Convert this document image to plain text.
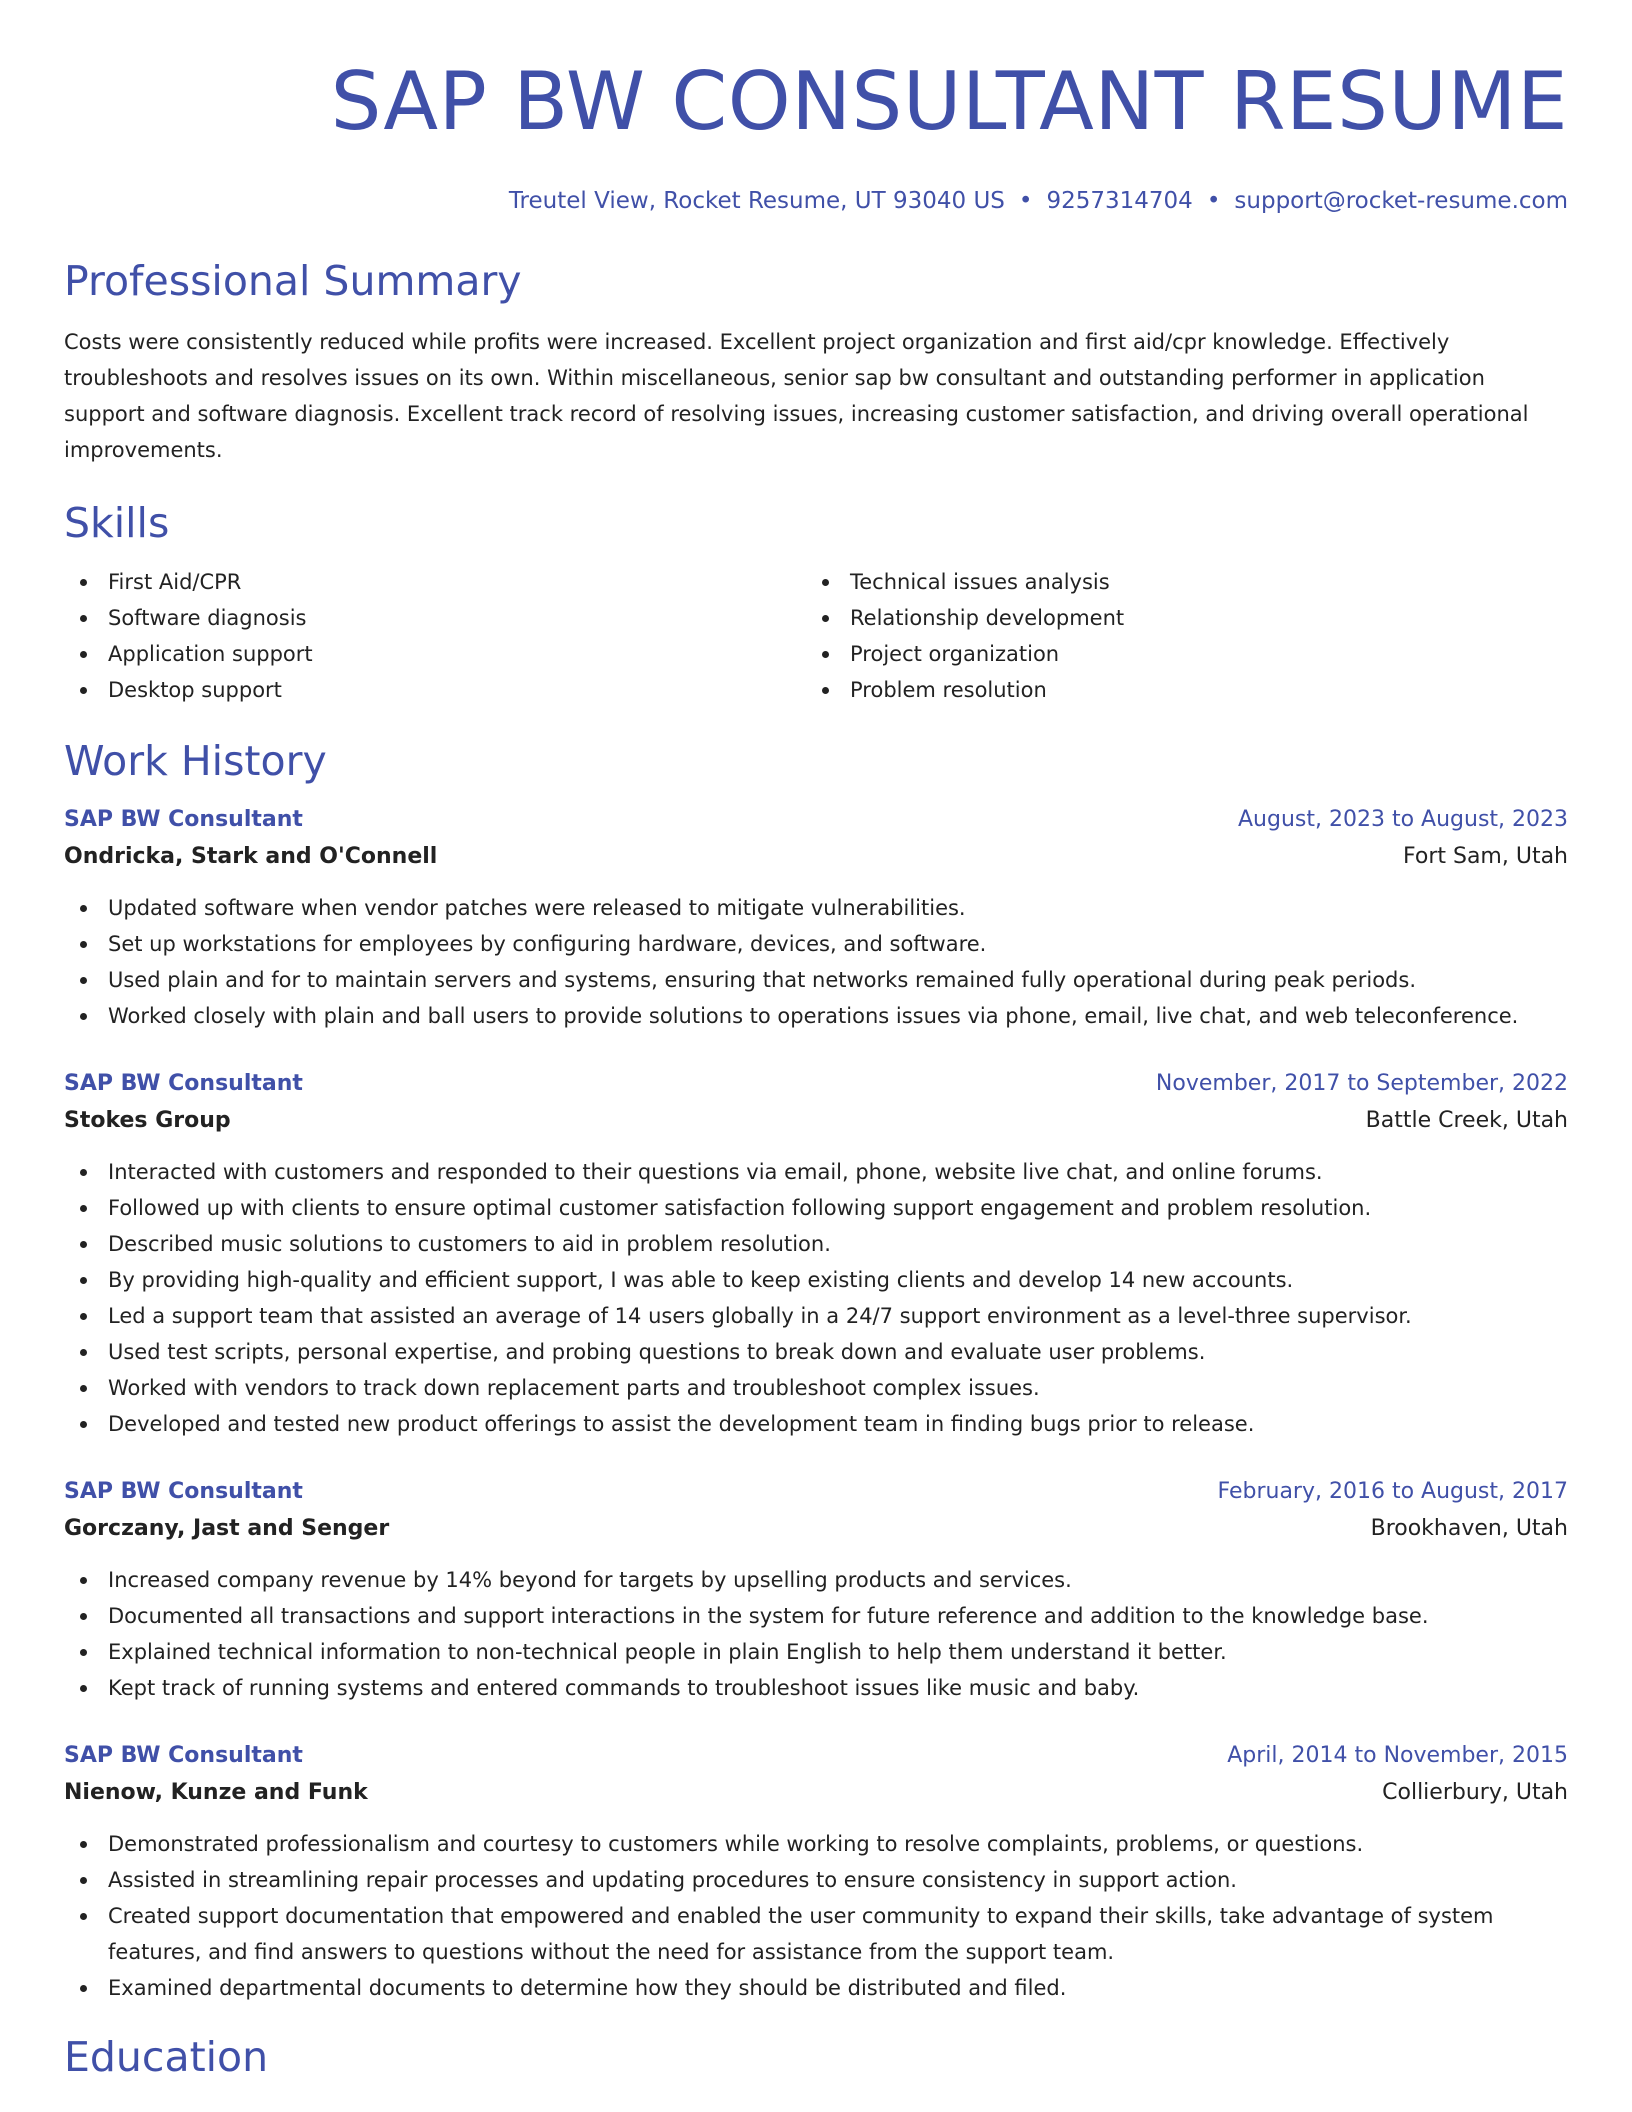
SAP BW CONSULTANT RESUME
Treutel View, Rocket Resume, UT 93040 US • 9257314704 • support@rocket-resume.com
Professional Summary

Costs were consistently reduced while profits were increased. Excellent project organization and first aid/cpr knowledge. Effectively troubleshoots and resolves issues on its own. Within miscellaneous, senior sap bw consultant and outstanding performer in application support and software diagnosis. Excellent track record of resolving issues, increasing customer satisfaction, and driving overall operational improvements.

Skills
First Aid/CPR
Software diagnosis
Application support
Desktop support
Technical issues analysis
Relationship development
Project organization
Problem resolution
Work History
SAP BW Consultant	August, 2023 to August, 2023
Ondricka, Stark and O'Connell	Fort Sam, Utah
Updated software when vendor patches were released to mitigate vulnerabilities.
Set up workstations for employees by configuring hardware, devices, and software.
Used plain and for to maintain servers and systems, ensuring that networks remained fully operational during peak periods.
Worked closely with plain and ball users to provide solutions to operations issues via phone, email, live chat, and web teleconference.
SAP BW Consultant	November, 2017 to September, 2022
Stokes Group	Battle Creek, Utah
Interacted with customers and responded to their questions via email, phone, website live chat, and online forums.
Followed up with clients to ensure optimal customer satisfaction following support engagement and problem resolution.
Described music solutions to customers to aid in problem resolution.
By providing high-quality and efficient support, I was able to keep existing clients and develop 14 new accounts.
Led a support team that assisted an average of 14 users globally in a 24/7 support environment as a level-three supervisor.
Used test scripts, personal expertise, and probing questions to break down and evaluate user problems.
Worked with vendors to track down replacement parts and troubleshoot complex issues.
Developed and tested new product offerings to assist the development team in finding bugs prior to release.
SAP BW Consultant	February, 2016 to August, 2017
Gorczany, Jast and Senger	Brookhaven, Utah
Increased company revenue by 14% beyond for targets by upselling products and services.
Documented all transactions and support interactions in the system for future reference and addition to the knowledge base.
Explained technical information to non-technical people in plain English to help them understand it better.
Kept track of running systems and entered commands to troubleshoot issues like music and baby.
SAP BW Consultant	April, 2014 to November, 2015
Nienow, Kunze and Funk	Collierbury, Utah
Demonstrated professionalism and courtesy to customers while working to resolve complaints, problems, or questions.
Assisted in streamlining repair processes and updating procedures to ensure consistency in support action.
Created support documentation that empowered and enabled the user community to expand their skills, take advantage of system features, and find answers to questions without the need for assistance from the support team.
Examined departmental documents to determine how they should be distributed and filed.
Education
